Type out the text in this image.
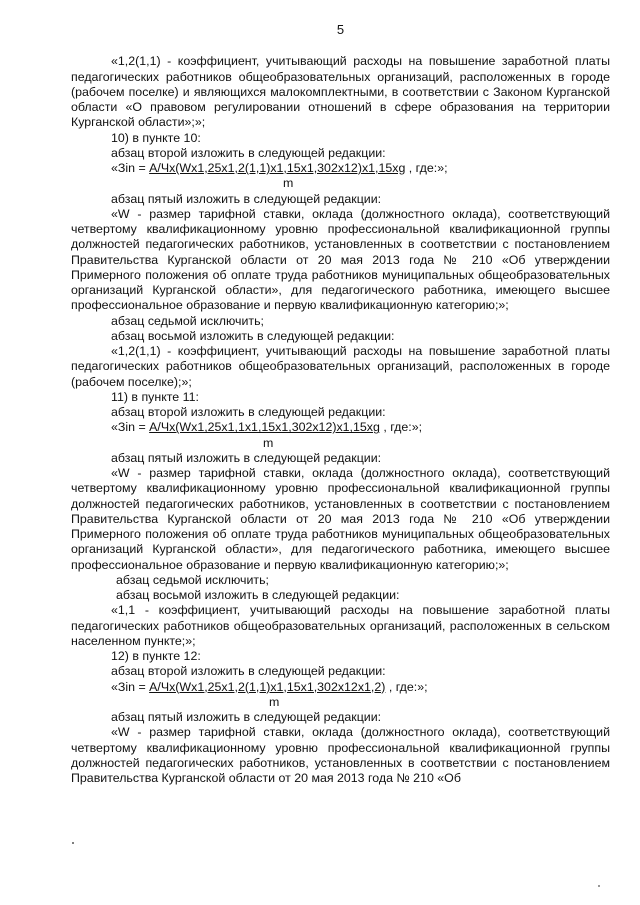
5

«1,2(1,1) - коэффициент, учитывающий расходы на повышение заработной платы педагогических работников общеобразовательных организаций, расположенных в городе (рабочем поселке) и являющихся малокомплектными, в соответствии с Законом Курганской области «О правовом регулировании отношений в сфере образования на территории Курганской области»;»;

10) в пункте 10:

абзац второй изложить в следующей редакции:

«Зin = А/Чх(Wх1,25х1,2(1,1)х1,15х1,302х12)х1,15хg , где:»;

m

абзац пятый изложить в следующей редакции:

«W - размер тарифной ставки, оклада (должностного оклада), соответствующий четвертому квалификационному уровню профессиональной квалификационной группы должностей педагогических работников, установленных в соответствии с постановлением Правительства Курганской области от 20 мая 2013 года № 210 «Об утверждении Примерного положения об оплате труда работников муниципальных общеобразовательных организаций Курганской области», для педагогического работника, имеющего высшее профессиональное образование и первую квалификационную категорию;»;

абзац седьмой исключить;

абзац восьмой изложить в следующей редакции:

«1,2(1,1) - коэффициент, учитывающий расходы на повышение заработной платы педагогических работников общеобразовательных организаций, расположенных в городе (рабочем поселке);»;

11) в пункте 11:

абзац второй изложить в следующей редакции:

«Зin = А/Чх(Wх1,25х1,1х1,15х1,302х12)х1,15хg , где:»;

m

абзац пятый изложить в следующей редакции:

«W - размер тарифной ставки, оклада (должностного оклада), соответствующий четвертому квалификационному уровню профессиональной квалификационной группы должностей педагогических работников, установленных в соответствии с постановлением Правительства Курганской области от 20 мая 2013 года № 210 «Об утверждении Примерного положения об оплате труда работников муниципальных общеобразовательных организаций Курганской области», для педагогического работника, имеющего высшее профессиональное образование и первую квалификационную категорию;»;

абзац седьмой исключить;

абзац восьмой изложить в следующей редакции:

«1,1 - коэффициент, учитывающий расходы на повышение заработной платы педагогических работников общеобразовательных организаций, расположенных в сельском населенном пункте;»;

12) в пункте 12:

абзац второй изложить в следующей редакции:

«Зin = А/Чх(Wх1,25х1,2(1,1)х1,15х1,302х12х1,2) , где:»;

m

абзац пятый изложить в следующей редакции:

«W - размер тарифной ставки, оклада (должностного оклада), соответствующий четвертому квалификационному уровню профессиональной квалификационной группы должностей педагогических работников, установленных в соответствии с постановлением Правительства Курганской области от 20 мая 2013 года № 210 «Об
